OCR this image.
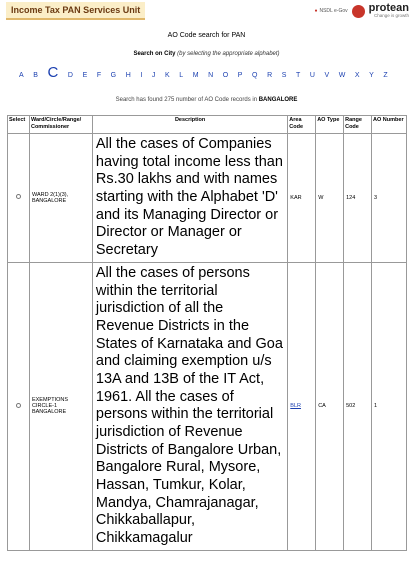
Income Tax PAN Services Unit	● NSDL e-Gov protean
Change is growth
AO Code search for PAN
Search on City (by selecting the appropriate alphabet)
A B C D E F G H I J K L M N O P Q R S T U V W X Y Z
Search has found 275 number of AO Code records in BANGALORE
Select	Ward/Circle/Range/ Commissioner	Description	Area Code	AO Type	Range Code	AO Number
	WARD 2(1)(3), BANGALORE	All the cases of Companies having total income less than Rs.30 lakhs and with names starting with the Alphabet 'D' and its Managing Director or Director or Manager or Secretary	KAR	W	124	3
	EXEMPTIONS CIRCLE-1 BANGALORE	All the cases of persons within the territorial jurisdiction of all the Revenue Districts in the States of Karnataka and Goa and claiming exemption u/s 13A and 13B of the IT Act, 1961. All the cases of persons within the territorial jurisdiction of Revenue Districts of Bangalore Urban, Bangalore Rural, Mysore, Hassan, Tumkur, Kolar, Mandya, Chamrajanagar, Chikkaballapur, Chikkamagalur	BLR	CA	502	1
